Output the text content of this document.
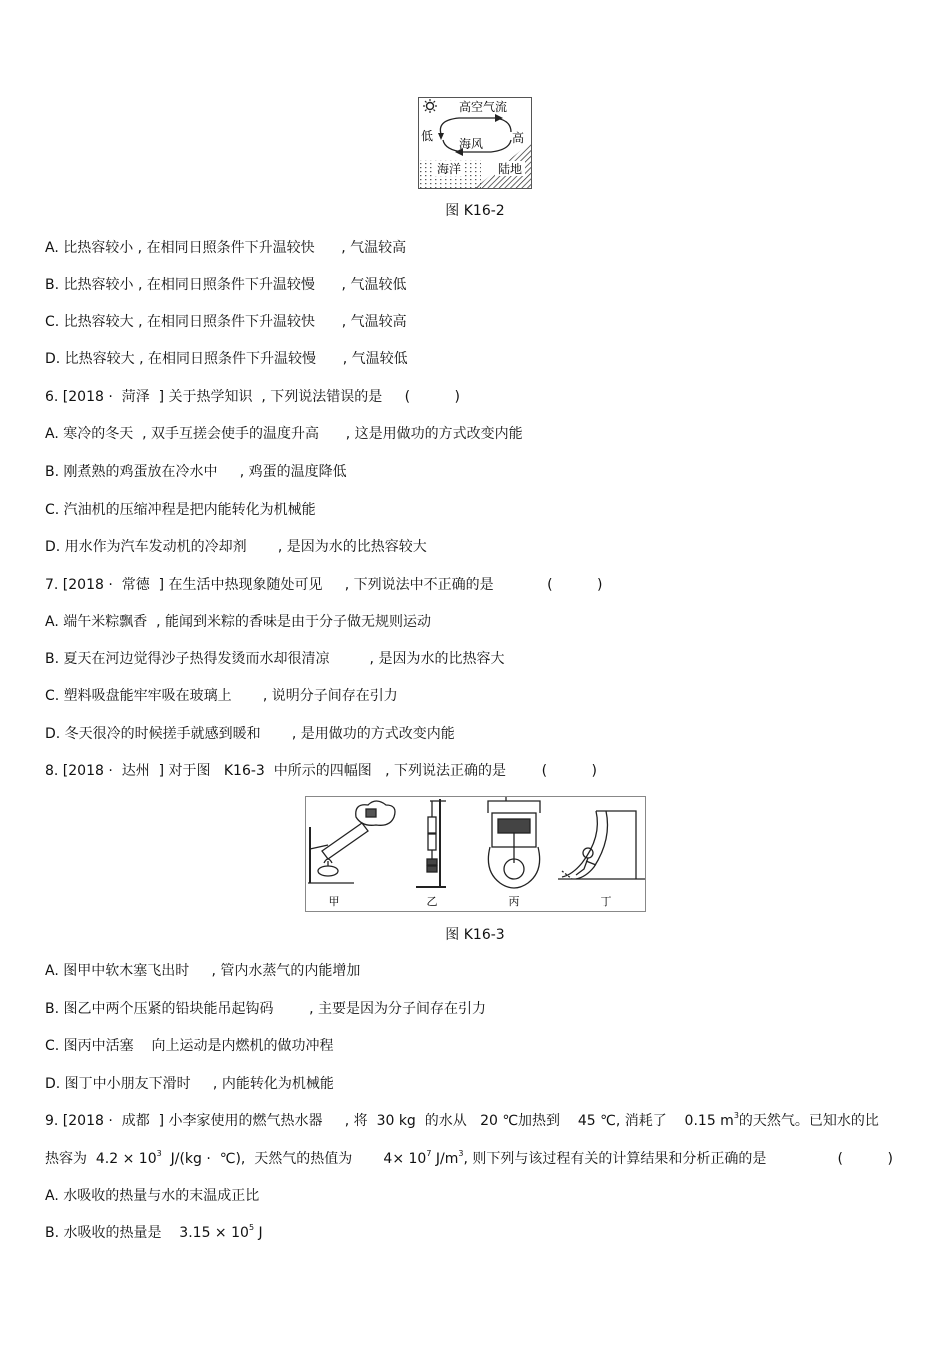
高空气流
低
海风 高
海洋	陆地
图 K16-2
A. 比热容较小 , 在相同日照条件下升温较快      , 气温较高
B. 比热容较小 , 在相同日照条件下升温较慢      , 气温较低
C. 比热容较大 , 在相同日照条件下升温较快      , 气温较高
D. 比热容较大 , 在相同日照条件下升温较慢      , 气温较低
6. [2018 ·  菏泽  ] 关于热学知识  , 下列说法错误的是     (          )
A. 寒冷的冬天  , 双手互搓会使手的温度升高      , 这是用做功的方式改变内能
B. 刚煮熟的鸡蛋放在冷水中     , 鸡蛋的温度降低
C. 汽油机的压缩冲程是把内能转化为机械能
D. 用水作为汽车发动机的冷却剂       , 是因为水的比热容较大
7. [2018 ·  常德  ] 在生活中热现象随处可见     , 下列说法中不正确的是            (          )
A. 端午米粽飘香  , 能闻到米粽的香味是由于分子做无规则运动
B. 夏天在河边觉得沙子热得发烫而水却很清凉         , 是因为水的比热容大
C. 塑料吸盘能牢牢吸在玻璃上       , 说明分子间存在引力
D. 冬天很冷的时候搓手就感到暖和       , 是用做功的方式改变内能
8. [2018 ·  达州  ] 对于图   K16-3  中所示的四幅图   , 下列说法正确的是        (          )
甲	乙	丙	丁
图 K16-3
A. 图甲中软木塞飞出时     , 管内水蒸气的内能增加
B. 图乙中两个压紧的铅块能吊起钩码        , 主要是因为分子间存在引力
C. 图丙中活塞    向上运动是内燃机的做功冲程
D. 图丁中小朋友下滑时     , 内能转化为机械能
9. [2018 ·  成都  ] 小李家使用的燃气热水器     , 将  30 kg  的水从   20 ℃加热到    45 ℃, 消耗了    0.15 $m^3$的天然气。已知水的比
热容为  $4.2 \times 10^3$  J/(kg ·  ℃),  天然气的热值为       $4\times 10^7$ $J/m^3$, 则下列与该过程有关的计算结果和分析正确的是                (          )
A. 水吸收的热量与水的末温成正比
B. 水吸收的热量是    $3.15 \times 10^5$ J
